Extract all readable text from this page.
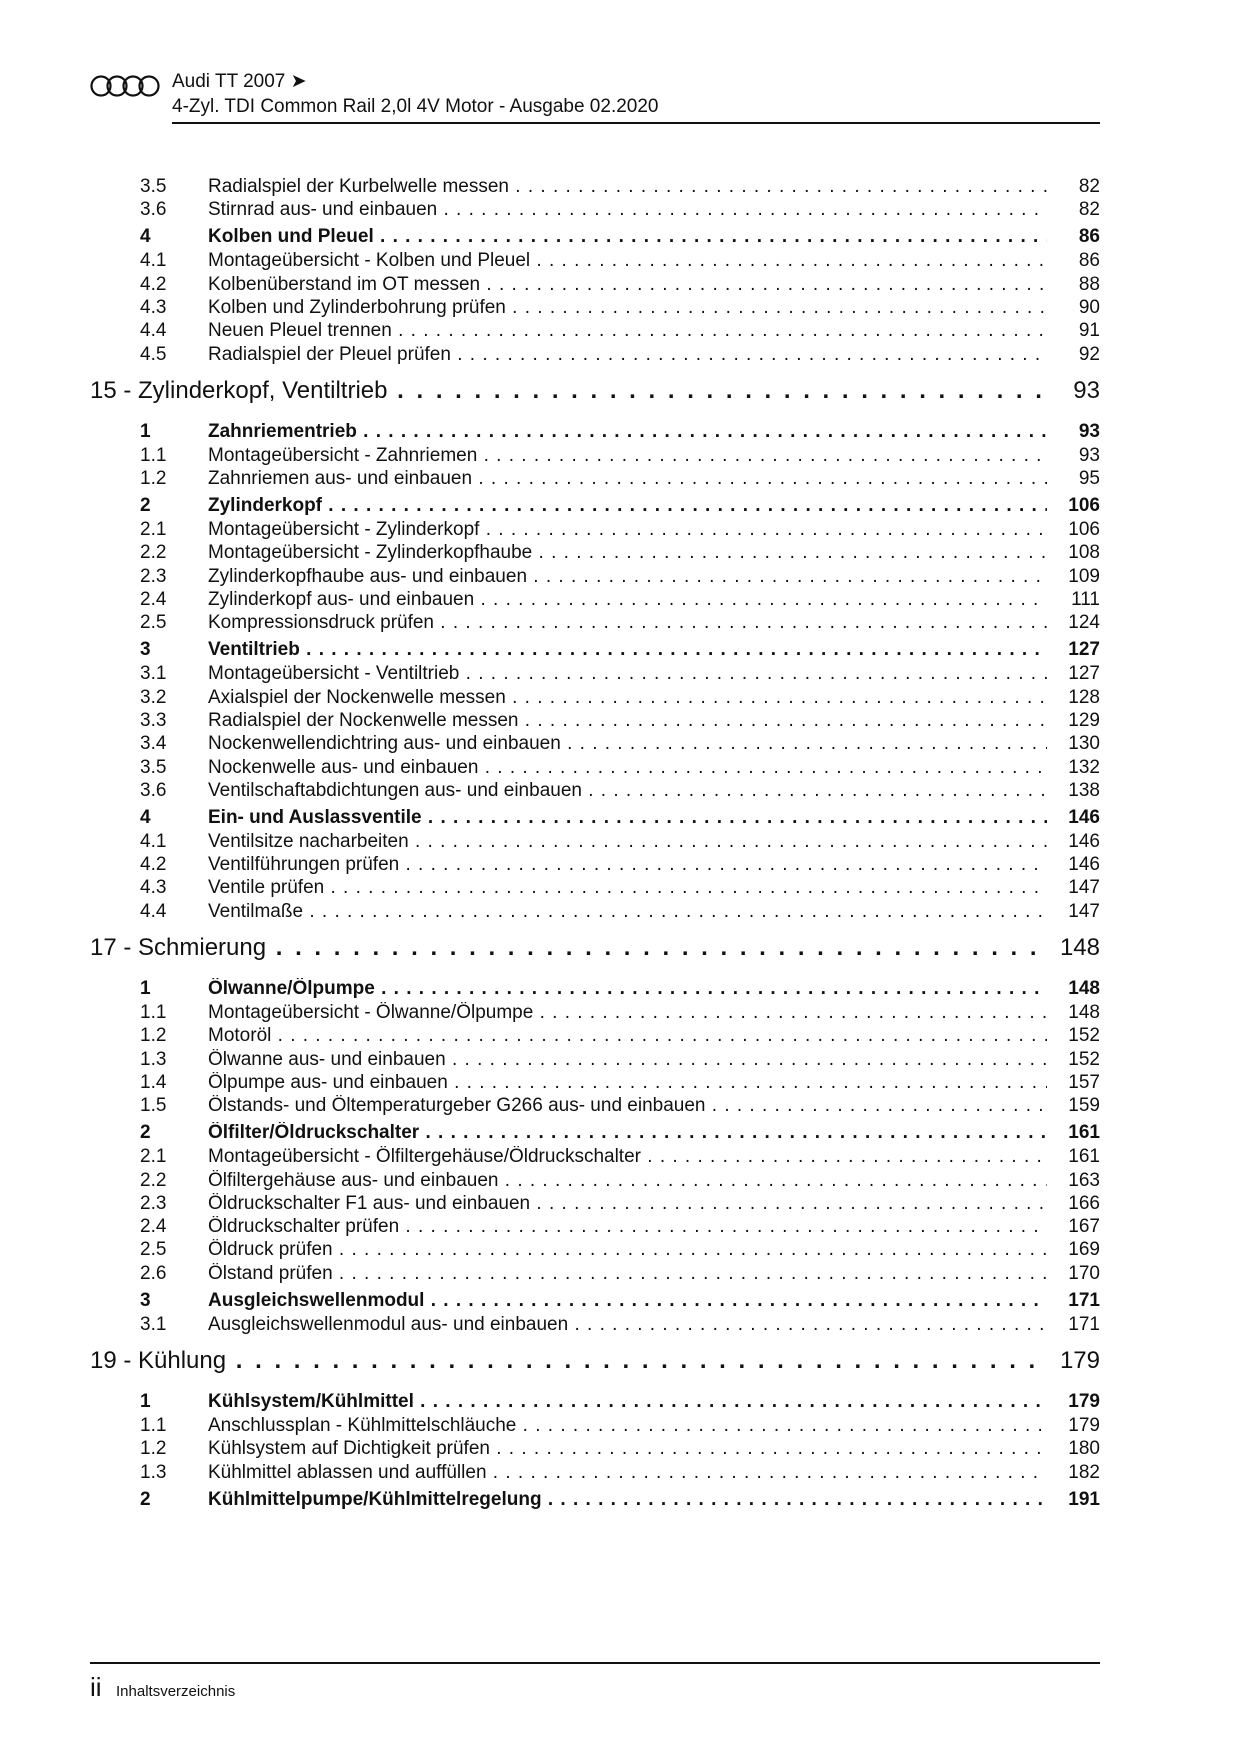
Audi TT 2007 ➤
4-Zyl. TDI Common Rail 2,0l 4V Motor - Ausgabe 02.2020
3.5 Radialspiel der Kurbelwelle messen . . .	82
3.6 Stirnrad aus- und einbauen . . .	82
4	Kolben und Pleuel . . .	86
4.1 Montageübersicht - Kolben und Pleuel . . .	86
4.2 Kolbenüberstand im OT messen . . .	88
4.3 Kolben und Zylinderbohrung prüfen . . .	90
4.4 Neuen Pleuel trennen . . .	91
4.5 Radialspiel der Pleuel prüfen . . .	92
15 - Zylinderkopf, Ventiltrieb . . .	93
1	Zahnriementrieb . . .	93
1.1 Montageübersicht - Zahnriemen . . .	93
1.2 Zahnriemen aus- und einbauen . . .	95
2	Zylinderkopf . . .	106
2.1 Montageübersicht - Zylinderkopf . . .	106
2.2 Montageübersicht - Zylinderkopfhaube . . .	108
2.3 Zylinderkopfhaube aus- und einbauen . . .	109
2.4 Zylinderkopf aus- und einbauen . . .	111
2.5 Kompressionsdruck prüfen . . .	124
3	Ventiltrieb . . .	127
3.1 Montageübersicht - Ventiltrieb . . .	127
3.2 Axialspiel der Nockenwelle messen . . .	128
3.3 Radialspiel der Nockenwelle messen . . .	129
3.4 Nockenwellendichtring aus- und einbauen . . .	130
3.5 Nockenwelle aus- und einbauen . . .	132
3.6 Ventilschaftabdichtungen aus- und einbauen . . .	138
4	Ein- und Auslassventile . . .	146
4.1 Ventilsitze nacharbeiten . . .	146
4.2 Ventilführungen prüfen . . .	146
4.3 Ventile prüfen . . .	147
4.4 Ventilmaße . . .	147
17 - Schmierung . . .	148
1	Ölwanne/Ölpumpe . . .	148
1.1 Montageübersicht - Ölwanne/Ölpumpe . . .	148
1.2 Motoröl . . .	152
1.3 Ölwanne aus- und einbauen . . .	152
1.4 Ölpumpe aus- und einbauen . . .	157
1.5 Ölstands- und Öltemperaturgeber G266 aus- und einbauen . . .	159
2	Ölfilter/Öldruckschalter . . .	161
2.1 Montageübersicht - Ölfiltergehäuse/Öldruckschalter . . .	161
2.2 Ölfiltergehäuse aus- und einbauen . . .	163
2.3 Öldruckschalter F1 aus- und einbauen . . .	166
2.4 Öldruckschalter prüfen . . .	167
2.5 Öldruck prüfen . . .	169
2.6 Ölstand prüfen . . .	170
3	Ausgleichswellenmodul . . .	171
3.1 Ausgleichswellenmodul aus- und einbauen . . .	171
19 - Kühlung . . .	179
1	Kühlsystem/Kühlmittel . . .	179
1.1 Anschlussplan - Kühlmittelschläuche . . .	179
1.2 Kühlsystem auf Dichtigkeit prüfen . . .	180
1.3 Kühlmittel ablassen und auffüllen . . .	182
2	Kühlmittelpumpe/Kühlmittelregelung . . .	191
ii Inhaltsverzeichnis
